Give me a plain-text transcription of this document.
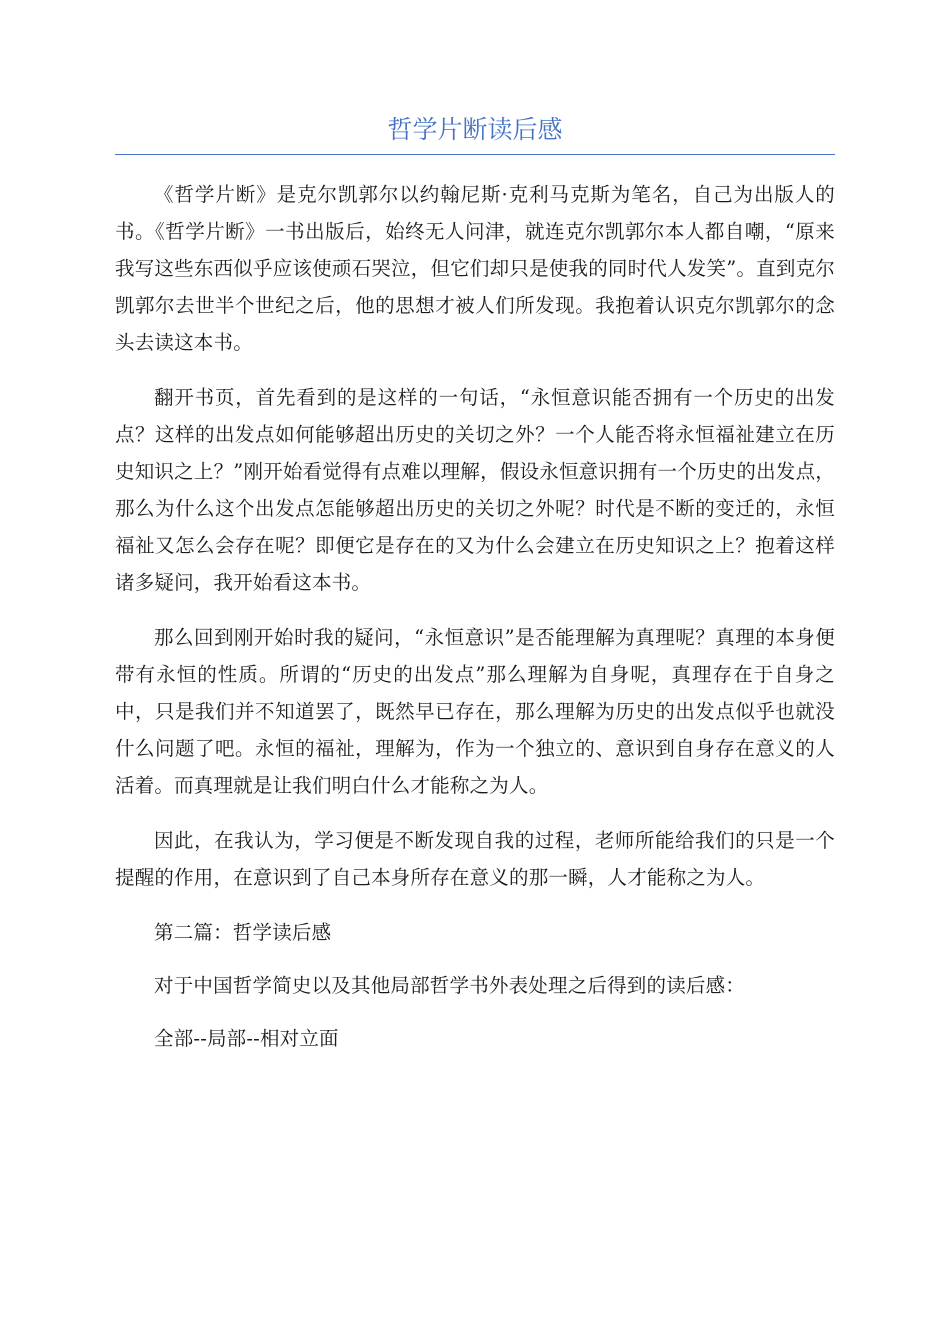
哲学片断读后感

《哲学片断》是克尔凯郭尔以约翰尼斯·克利马克斯为笔名，自己为出版人的书。《哲学片断》一书出版后，始终无人问津，就连克尔凯郭尔本人都自嘲，“原来我写这些东西似乎应该使顽石哭泣，但它们却只是使我的同时代人发笑”。直到克尔凯郭尔去世半个世纪之后，他的思想才被人们所发现。我抱着认识克尔凯郭尔的念头去读这本书。

翻开书页，首先看到的是这样的一句话，“永恒意识能否拥有一个历史的出发点？这样的出发点如何能够超出历史的关切之外？一个人能否将永恒福祉建立在历史知识之上？”刚开始看觉得有点难以理解，假设永恒意识拥有一个历史的出发点，那么为什么这个出发点怎能够超出历史的关切之外呢？时代是不断的变迁的，永恒福祉又怎么会存在呢？即便它是存在的又为什么会建立在历史知识之上？抱着这样诸多疑问，我开始看这本书。

那么回到刚开始时我的疑问，“永恒意识”是否能理解为真理呢？真理的本身便带有永恒的性质。所谓的“历史的出发点”那么理解为自身呢，真理存在于自身之中，只是我们并不知道罢了，既然早已存在，那么理解为历史的出发点似乎也就没什么问题了吧。永恒的福祉，理解为，作为一个独立的、意识到自身存在意义的人活着。而真理就是让我们明白什么才能称之为人。

因此，在我认为，学习便是不断发现自我的过程，老师所能给我们的只是一个提醒的作用，在意识到了自己本身所存在意义的那一瞬，人才能称之为人。

第二篇：哲学读后感

对于中国哲学简史以及其他局部哲学书外表处理之后得到的读后感：

全部--局部--相对立面
